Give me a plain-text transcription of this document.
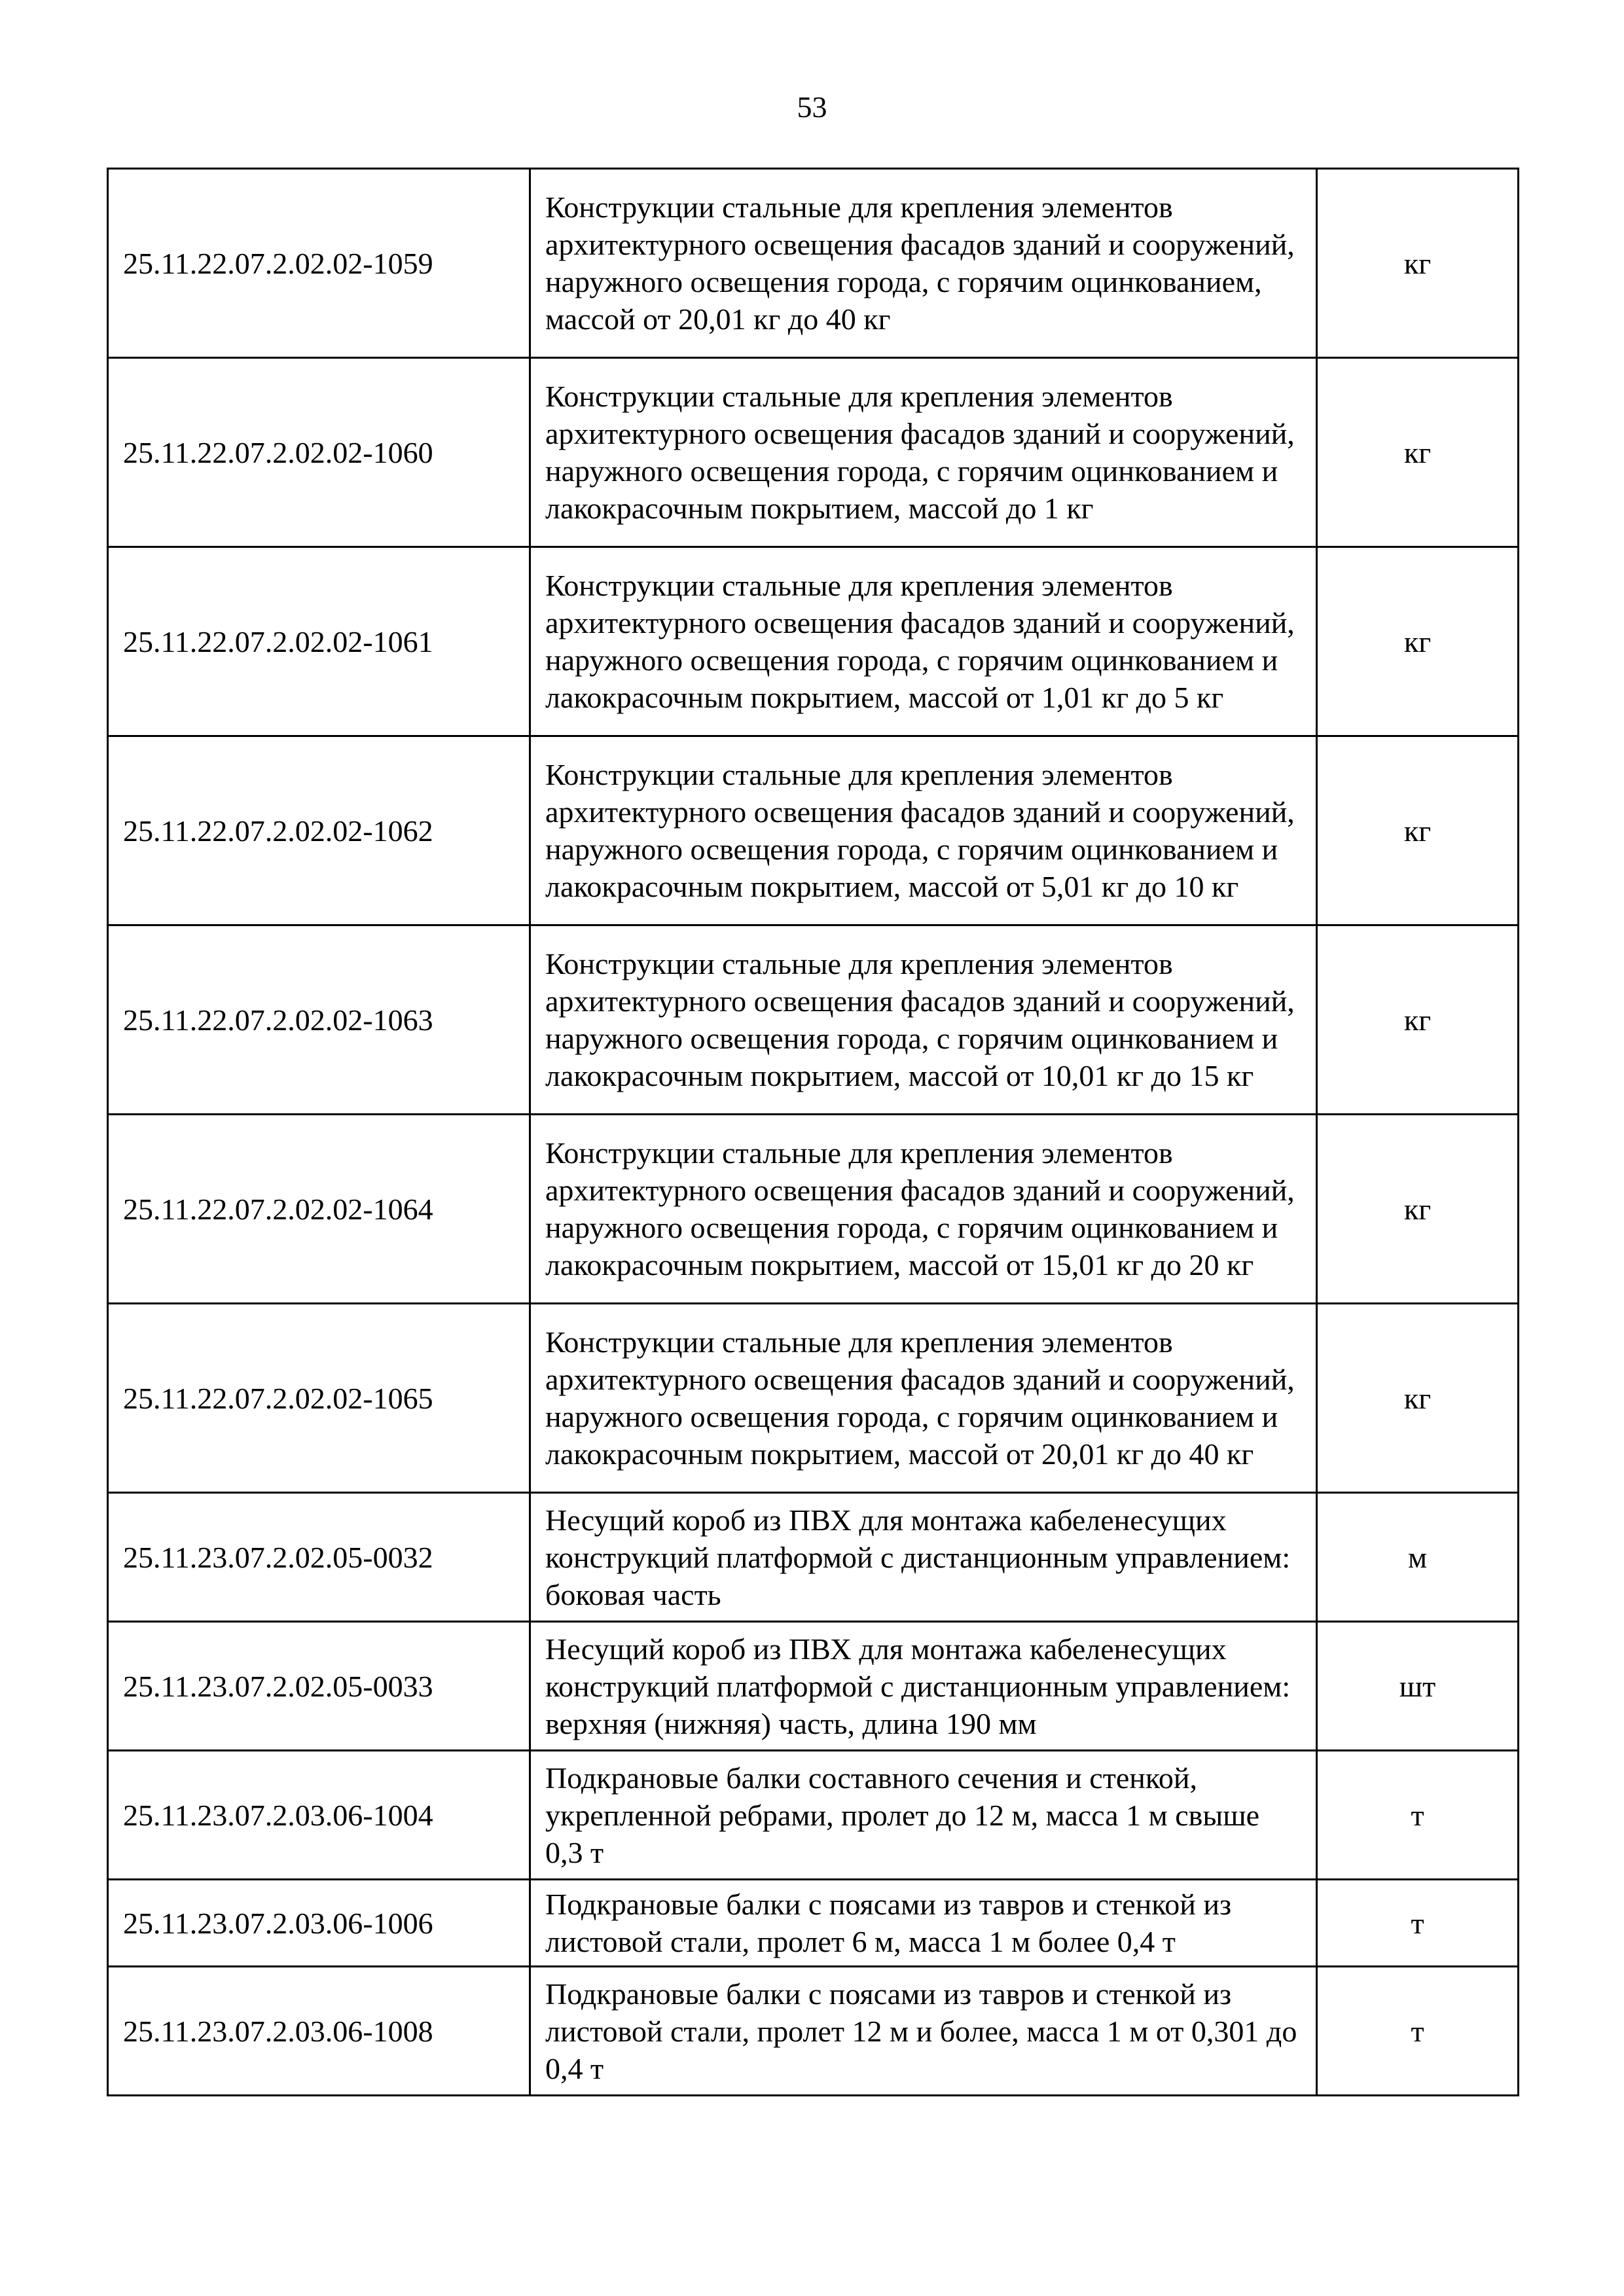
53
25.11.22.07.2.02.02-1059	Конструкции стальные для крепления элементов архитектурного освещения фасадов зданий и сооружений, наружного освещения города, с горячим оцинкованием, массой от 20,01 кг до 40 кг	кг
25.11.22.07.2.02.02-1060	Конструкции стальные для крепления элементов архитектурного освещения фасадов зданий и сооружений, наружного освещения города, с горячим оцинкованием и лакокрасочным покрытием, массой до 1 кг	кг
25.11.22.07.2.02.02-1061	Конструкции стальные для крепления элементов архитектурного освещения фасадов зданий и сооружений, наружного освещения города, с горячим оцинкованием и лакокрасочным покрытием, массой от 1,01 кг до 5 кг	кг
25.11.22.07.2.02.02-1062	Конструкции стальные для крепления элементов архитектурного освещения фасадов зданий и сооружений, наружного освещения города, с горячим оцинкованием и лакокрасочным покрытием, массой от 5,01 кг до 10 кг	кг
25.11.22.07.2.02.02-1063	Конструкции стальные для крепления элементов архитектурного освещения фасадов зданий и сооружений, наружного освещения города, с горячим оцинкованием и лакокрасочным покрытием, массой от 10,01 кг до 15 кг	кг
25.11.22.07.2.02.02-1064	Конструкции стальные для крепления элементов архитектурного освещения фасадов зданий и сооружений, наружного освещения города, с горячим оцинкованием и лакокрасочным покрытием, массой от 15,01 кг до 20 кг	кг
25.11.22.07.2.02.02-1065	Конструкции стальные для крепления элементов архитектурного освещения фасадов зданий и сооружений, наружного освещения города, с горячим оцинкованием и лакокрасочным покрытием, массой от 20,01 кг до 40 кг	кг
25.11.23.07.2.02.05-0032	Несущий короб из ПВХ для монтажа кабеленесущих конструкций платформой с дистанционным управлением: боковая часть	м
25.11.23.07.2.02.05-0033	Несущий короб из ПВХ для монтажа кабеленесущих конструкций платформой с дистанционным управлением: верхняя (нижняя) часть, длина 190 мм	шт
25.11.23.07.2.03.06-1004	Подкрановые балки составного сечения и стенкой, укрепленной ребрами, пролет до 12 м, масса 1 м свыше 0,3 т	т
25.11.23.07.2.03.06-1006	Подкрановые балки с поясами из тавров и стенкой из листовой стали, пролет 6 м, масса 1 м более 0,4 т	т
25.11.23.07.2.03.06-1008	Подкрановые балки с поясами из тавров и стенкой из листовой стали, пролет 12 м и более, масса 1 м от 0,301 до 0,4 т	т
